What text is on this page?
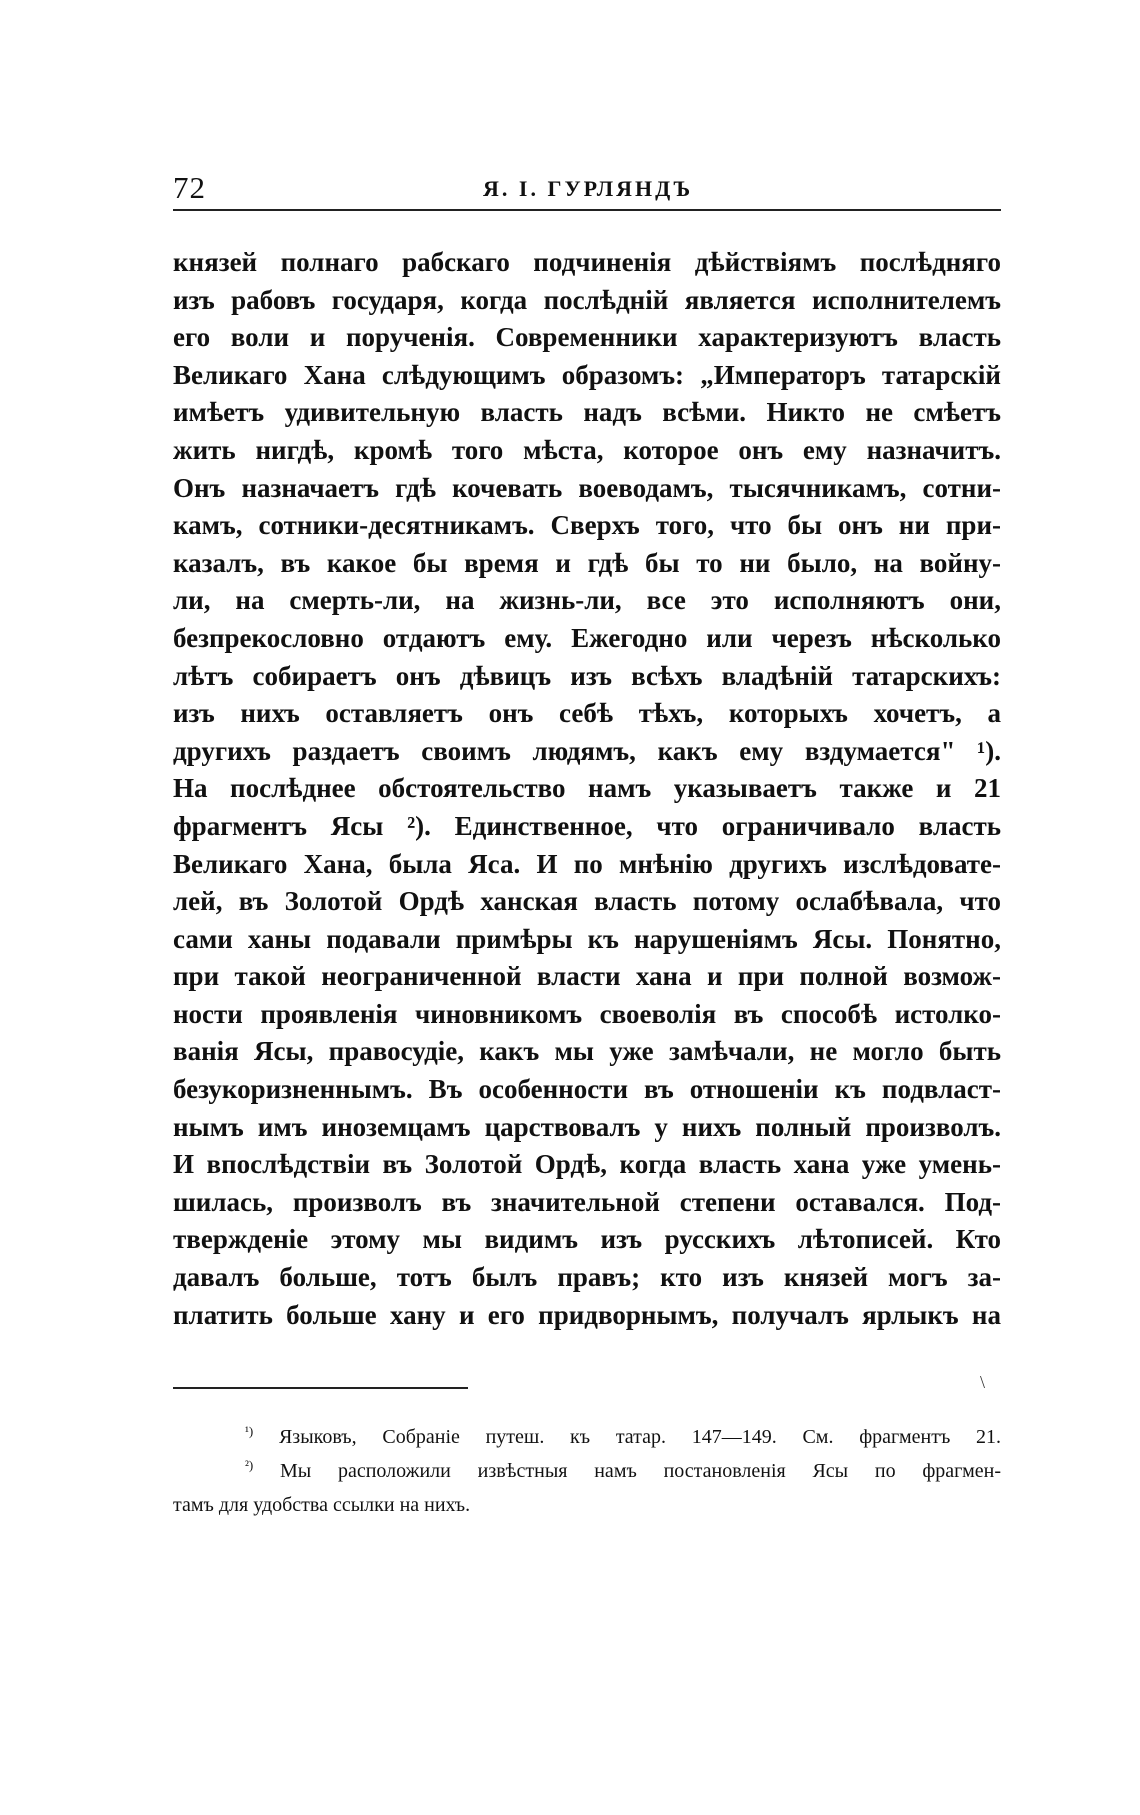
72	Я. І. ГУРЛЯНДЪ
князей полнаго рабскаго подчиненія дѣйствіямъ послѣдняго
изъ рабовъ государя, когда послѣдній является исполнителемъ
его воли и порученія. Современники характеризуютъ власть
Великаго Хана слѣдующимъ образомъ: „Императоръ татарскій
имѣетъ удивительную власть надъ всѣми. Никто не смѣетъ
жить нигдѣ, кромѣ того мѣста, которое онъ ему назначитъ.
Онъ назначаетъ гдѣ кочевать воеводамъ, тысячникамъ, сотни-
камъ, сотники-десятникамъ. Сверхъ того, что бы онъ ни при-
казалъ, въ какое бы время и гдѣ бы то ни было, на войну-
ли, на смерть-ли, на жизнь-ли, все это исполняютъ они,
безпрекословно отдаютъ ему. Ежегодно или черезъ нѣсколько
лѣтъ собираетъ онъ дѣвицъ изъ всѣхъ владѣній татарскихъ:
изъ нихъ оставляетъ онъ себѣ тѣхъ, которыхъ хочетъ, а
другихъ раздаетъ своимъ людямъ, какъ ему вздумается" ¹).
На послѣднее обстоятельство намъ указываетъ также и 21
фрагментъ Ясы ²). Единственное, что ограничивало власть
Великаго Хана, была Яса. И по мнѣнію другихъ изслѣдовате-
лей, въ Золотой Ордѣ ханская власть потому ослабѣвала, что
сами ханы подавали примѣры къ нарушеніямъ Ясы. Понятно,
при такой неограниченной власти хана и при полной возмож-
ности проявленія чиновникомъ своеволія въ способѣ истолко-
ванія Ясы, правосудіе, какъ мы уже замѣчали, не могло быть
безукоризненнымъ. Въ особенности въ отношеніи къ подвласт-
нымъ имъ иноземцамъ царствовалъ у нихъ полный произволъ.
И впослѣдствіи въ Золотой Ордѣ, когда власть хана уже умень-
шилась, произволъ въ значительной степени оставался. Под-
твержденіе этому мы видимъ изъ русскихъ лѣтописей. Кто
давалъ больше, тотъ былъ правъ; кто изъ князей могъ за-
платить больше хану и его придворнымъ, получалъ ярлыкъ на
\
$^{^1)}$ Языковъ, Собраніе путеш. къ татар. 147—149. См. фрагментъ 21.
$^{^2)}$ Мы расположили извѣстныя намъ постановленія Ясы по фрагмен-
тамъ для удобства ссылки на нихъ.
